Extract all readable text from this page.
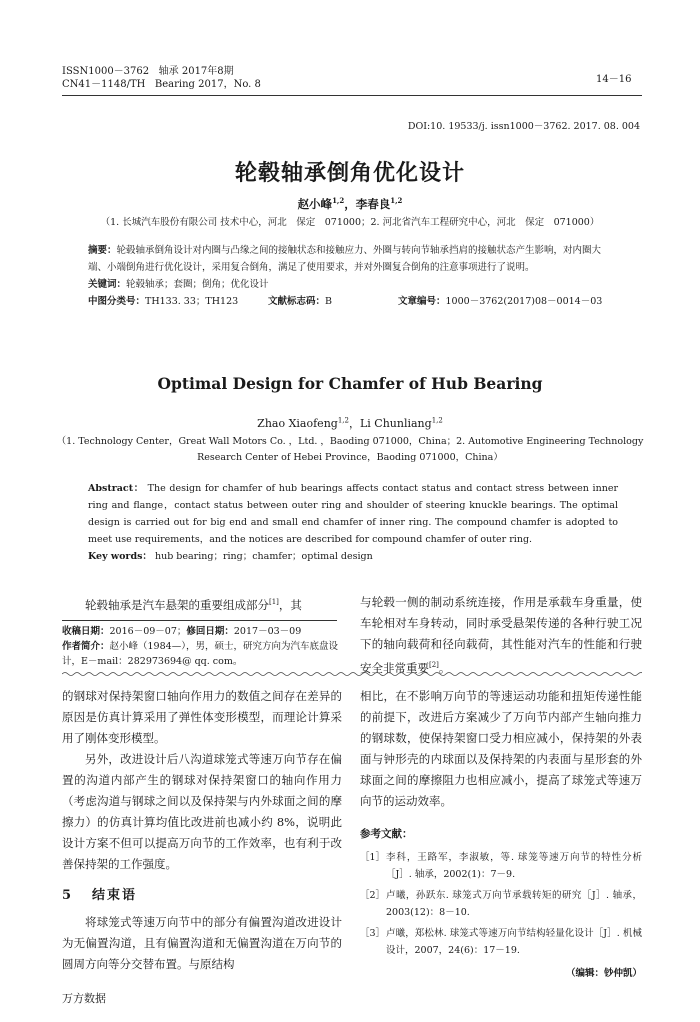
ISSN1000－3762 轴承 2017年8期
CN41－1148/TH Bearing 2017，No. 8	14－16
DOI:10. 19533/j. issn1000－3762. 2017. 08. 004
轮毂轴承倒角优化设计
赵小峰$^{1,2}$，李春良$^{1,2}$
（1. 长城汽车股份有限公司 技术中心，河北　保定　071000；2. 河北省汽车工程研究中心，河北　保定　071000）
摘要：轮毂轴承倒角设计对内圈与凸缘之间的接触状态和接触应力、外圈与转向节轴承挡肩的接触状态产生影响，对内圈大端、小端倒角进行优化设计，采用复合倒角，满足了使用要求，并对外圈复合倒角的注意事项进行了说明。
关键词：轮毂轴承；套圈；倒角；优化设计
中图分类号：TH133. 33；TH123	文献标志码：B	文章编号：1000－3762(2017)08－0014－03
Optimal Design for Chamfer of Hub Bearing
Zhao Xiaofeng$^{1,2}$，Li Chunliang$^{1,2}$
（1. Technology Center，Great Wall Motors Co. ，Ltd. ，Baoding 071000，China；2. Automotive Engineering Technology
Research Center of Hebei Province，Baoding 071000，China）
Abstract： The design for chamfer of hub bearings affects contact status and contact stress between inner ring and flange，contact status between outer ring and shoulder of steering knuckle bearings. The optimal design is carried out for big end and small end chamfer of inner ring. The compound chamfer is adopted to meet use requirements，and the notices are described for compound chamfer of outer ring.
Key words： hub bearing；ring；chamfer；optimal design
轮毂轴承是汽车悬架的重要组成部分[1]，其	与轮毂一侧的制动系统连接，作用是承载车身重量，使车轮相对车身转动，同时承受悬架传递的各种行驶工况下的轴向载荷和径向载荷，其性能对汽车的性能和行驶安全非常重要[2]。
收稿日期：2016－09－07；修回日期：2017－03－09
作者简介：赵小峰（1984—），男，硕士，研究方向为汽车底盘设计，E－mail：282973694@ qq. com。
的钢球对保持架窗口轴向作用力的数值之间存在差异的原因是仿真计算采用了弹性体变形模型，而理论计算采用了刚体变形模型。
另外，改进设计后八沟道球笼式等速万向节存在偏置的沟道内部产生的钢球对保持架窗口的轴向作用力（考虑沟道与钢球之间以及保持架与内外球面之间的摩擦力）的仿真计算均值比改进前也减小约 8%，说明此设计方案不但可以提高万向节的工作效率，也有利于改善保持架的工作强度。
5	结束语
将球笼式等速万向节中的部分有偏置沟道改进设计为无偏置沟道，且有偏置沟道和无偏置沟道在万向节的圆周方向等分交替布置。与原结构
相比，在不影响万向节的等速运动功能和扭矩传递性能的前提下，改进后方案减少了万向节内部产生轴向推力的钢球数，使保持架窗口受力相应减小，保持架的外表面与钟形壳的内球面以及保持架的内表面与星形套的外球面之间的摩擦阻力也相应减小，提高了球笼式等速万向节的运动效率。
参考文献：
［1］ 李科，王路军，李淑敏，等. 球笼等速万向节的特性分析［J］. 轴承，2002(1)：7－9.
［2］ 卢曦，孙跃东. 球笼式万向节承载转矩的研究［J］. 轴承，2003(12)：8－10.
［3］ 卢曦，郑松林. 球笼式等速万向节结构轻量化设计［J］. 机械设计，2007，24(6)：17－19.
（编辑：钞仲凯）
万方数据
